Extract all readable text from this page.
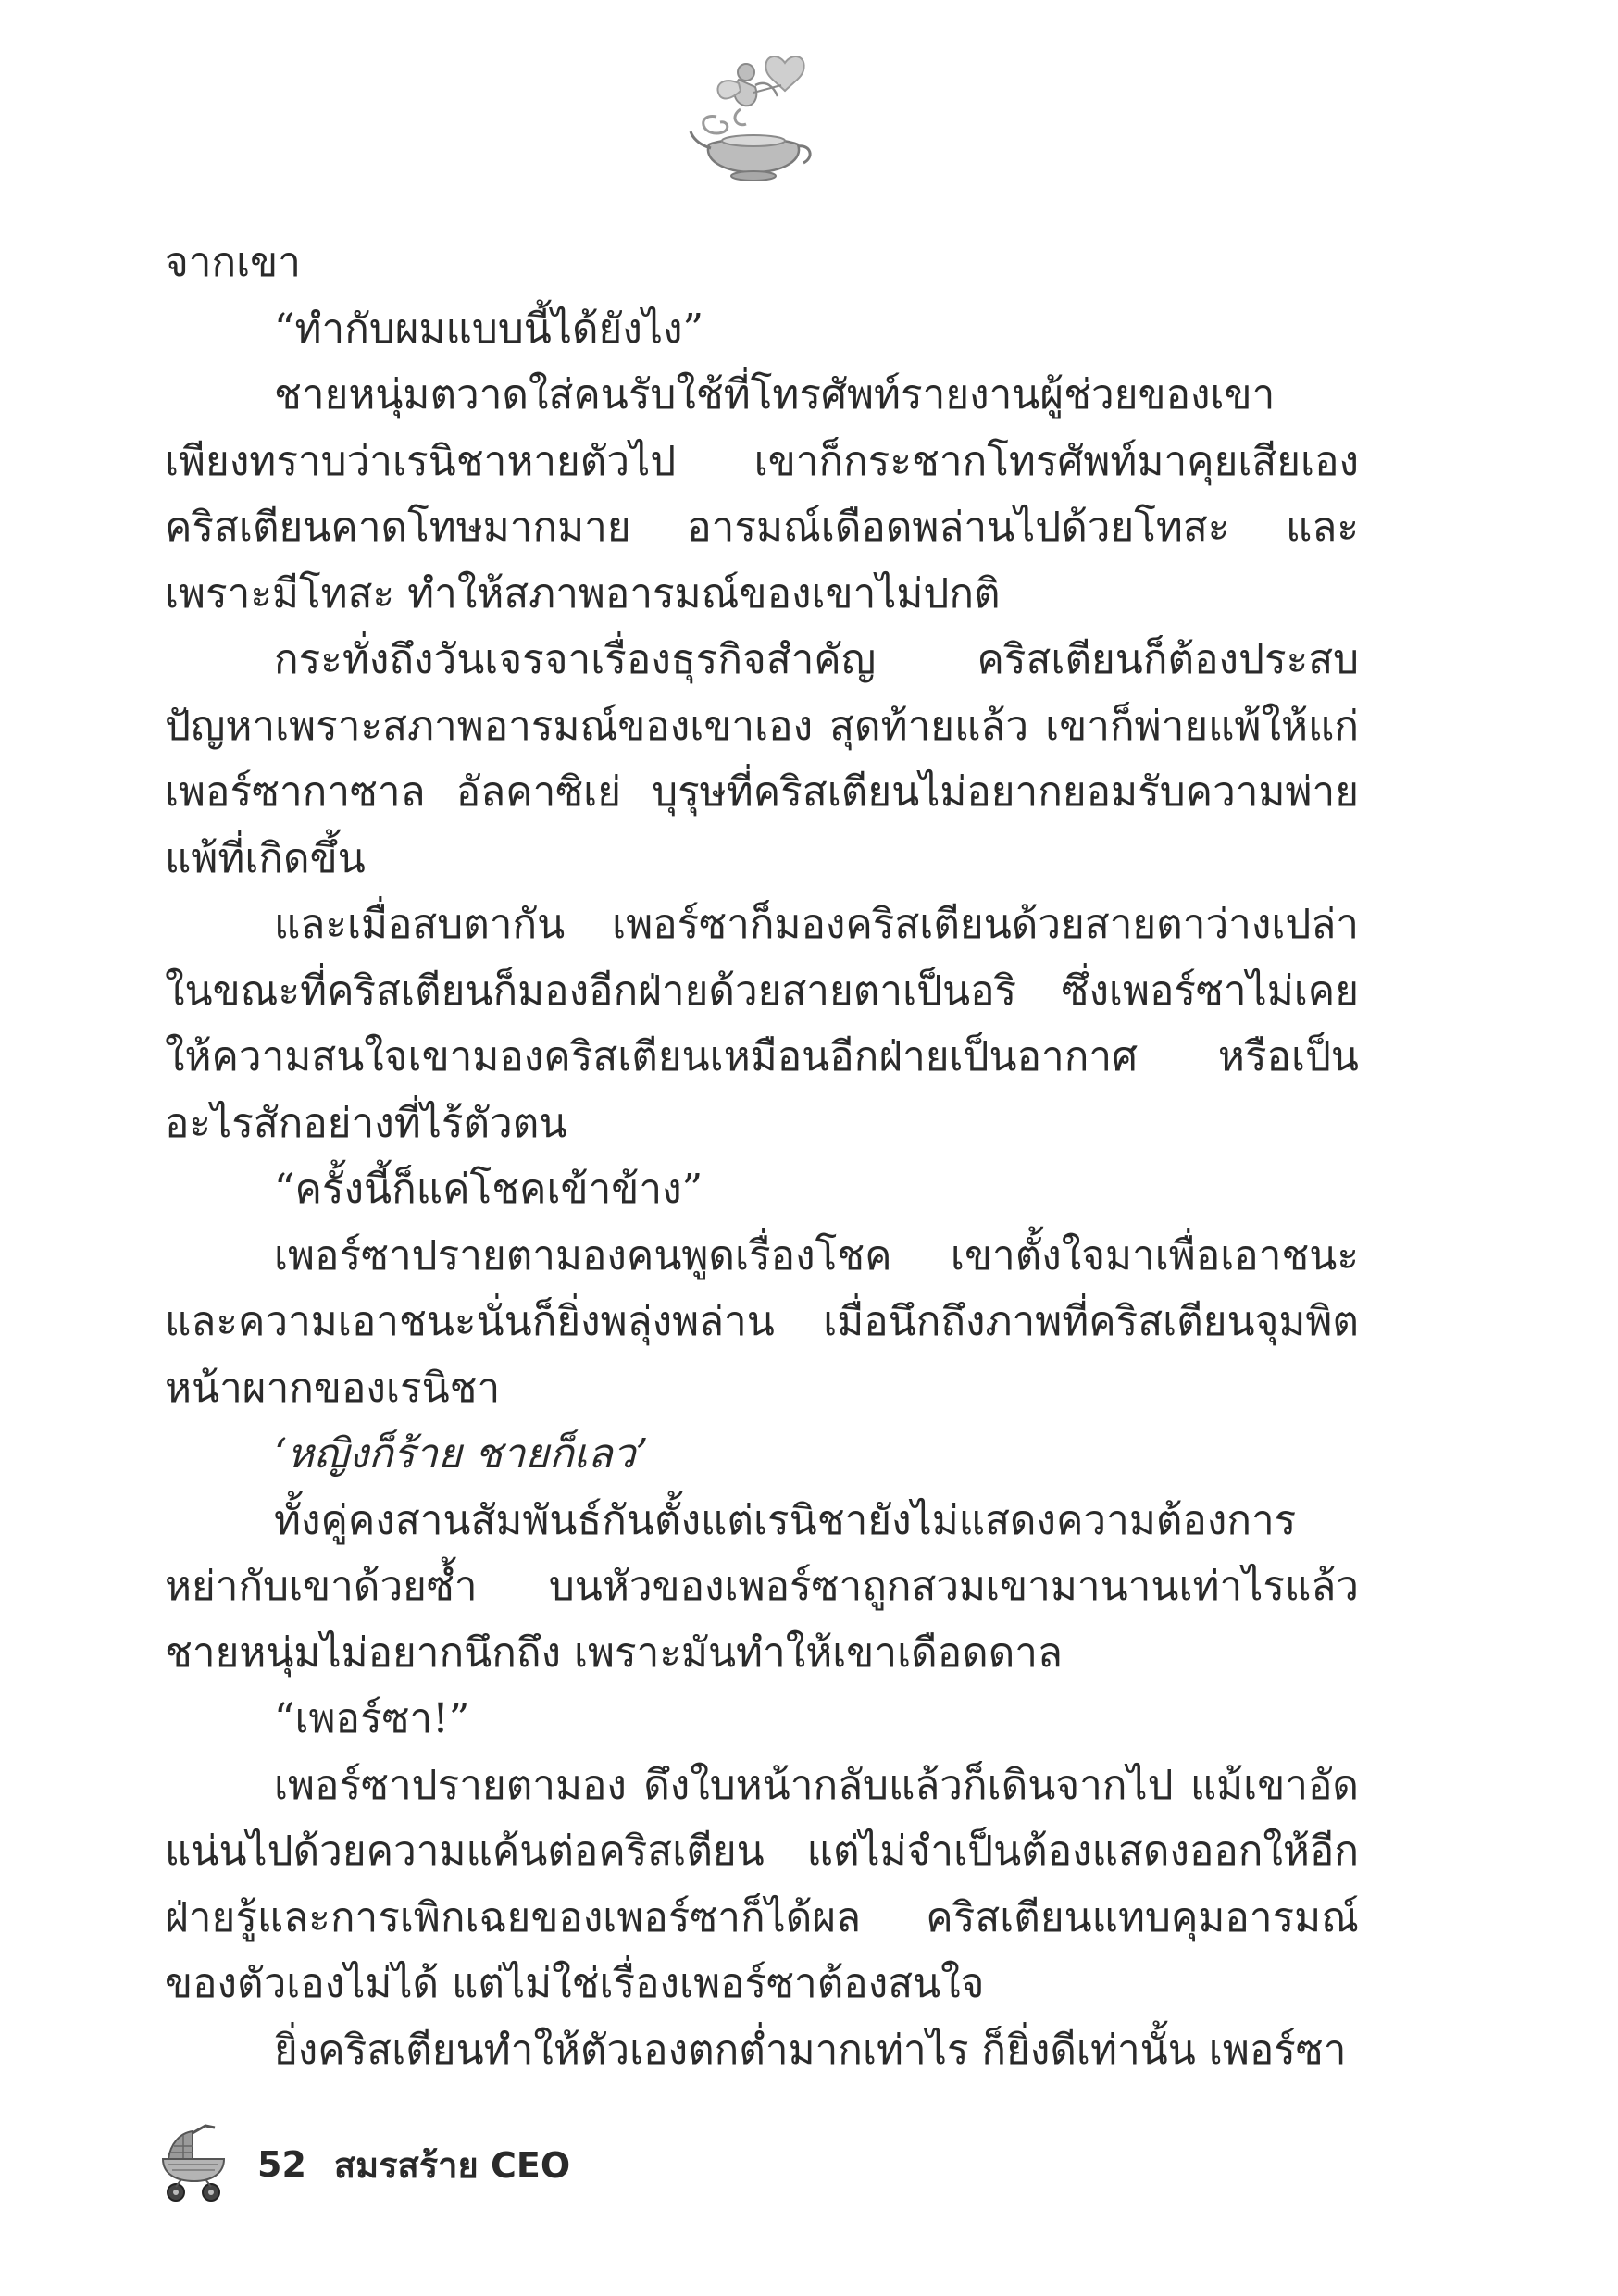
จากเขา

“ทำกับผมแบบนี้ได้ยังไง”

ชายหนุ่มตวาดใส่คนรับใช้ที่โทรศัพท์รายงานผู้ช่วยของเขา เพียงทราบว่าเรนิชาหายตัวไป เขาก็กระชากโทรศัพท์มาคุยเสียเอง คริสเตียนคาดโทษมากมาย อารมณ์เดือดพล่านไปด้วยโทสะ และเพราะมีโทสะ ทำให้สภาพอารมณ์ของเขาไม่ปกติ

กระทั่งถึงวันเจรจาเรื่องธุรกิจสำคัญ คริสเตียนก็ต้องประสบปัญหาเพราะสภาพอารมณ์ของเขาเอง สุดท้ายแล้ว เขาก็พ่ายแพ้ให้แก่ เพอร์ซากาซาล อัลคาซิเย่ บุรุษที่คริสเตียนไม่อยากยอมรับความพ่ายแพ้ที่เกิดขึ้น

และเมื่อสบตากัน เพอร์ซาก็มองคริสเตียนด้วยสายตาว่างเปล่า ในขณะที่คริสเตียนก็มองอีกฝ่ายด้วยสายตาเป็นอริ ซึ่งเพอร์ซาไม่เคยให้ความสนใจเขามองคริสเตียนเหมือนอีกฝ่ายเป็นอากาศ หรือเป็นอะไรสักอย่างที่ไร้ตัวตน

“ครั้งนี้ก็แค่โชคเข้าข้าง”

เพอร์ซาปรายตามองคนพูดเรื่องโชค เขาตั้งใจมาเพื่อเอาชนะ และความเอาชนะนั่นก็ยิ่งพลุ่งพล่าน เมื่อนึกถึงภาพที่คริสเตียนจุมพิตหน้าผากของเรนิชา

‘หญิงก็ร้าย ชายก็เลว’

ทั้งคู่คงสานสัมพันธ์กันตั้งแต่เรนิชายังไม่แสดงความต้องการหย่ากับเขาด้วยซ้ำ บนหัวของเพอร์ซาถูกสวมเขามานานเท่าไรแล้ว ชายหนุ่มไม่อยากนึกถึง เพราะมันทำให้เขาเดือดดาล

“เพอร์ซา!”

เพอร์ซาปรายตามอง ดึงใบหน้ากลับแล้วก็เดินจากไป แม้เขาอัดแน่นไปด้วยความแค้นต่อคริสเตียน แต่ไม่จำเป็นต้องแสดงออกให้อีกฝ่ายรู้และการเพิกเฉยของเพอร์ซาก็ได้ผล คริสเตียนแทบคุมอารมณ์ของตัวเองไม่ได้ แต่ไม่ใช่เรื่องเพอร์ซาต้องสนใจ

ยิ่งคริสเตียนทำให้ตัวเองตกต่ำมากเท่าไร ก็ยิ่งดีเท่านั้น เพอร์ซา

52 สมรสร้าย CEO
